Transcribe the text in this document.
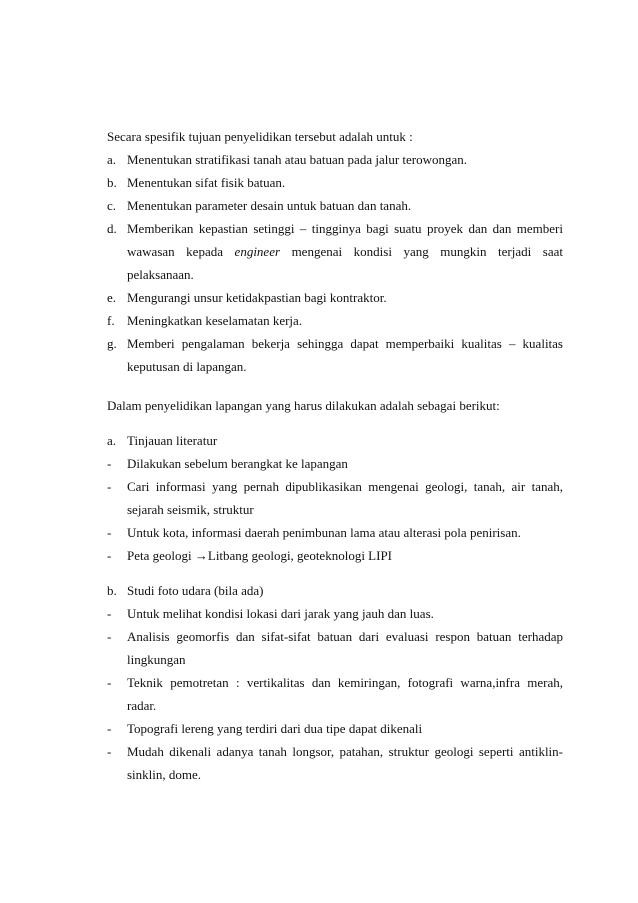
Secara spesifik tujuan penyelidikan tersebut adalah untuk :

a. Menentukan stratifikasi tanah atau batuan pada jalur terowongan.
b. Menentukan sifat fisik batuan.
c. Menentukan parameter desain untuk batuan dan tanah.
d. Memberikan kepastian setinggi – tingginya bagi suatu proyek dan dan memberi wawasan kepada engineer mengenai kondisi yang mungkin terjadi saat pelaksanaan.
e. Mengurangi unsur ketidakpastian bagi kontraktor.
f. Meningkatkan keselamatan kerja.
g. Memberi pengalaman bekerja sehingga dapat memperbaiki kualitas – kualitas keputusan di lapangan.

Dalam penyelidikan lapangan yang harus dilakukan adalah sebagai berikut:

a. Tinjauan literatur
-	Dilakukan sebelum berangkat ke lapangan
-	Cari informasi yang pernah dipublikasikan mengenai geologi, tanah, air tanah, sejarah seismik, struktur
-	Untuk kota, informasi daerah penimbunan lama atau alterasi pola penirisan.
-	Peta geologi →Litbang geologi, geoteknologi LIPI
b. Studi foto udara (bila ada)
-	Untuk melihat kondisi lokasi dari jarak yang jauh dan luas.
-	Analisis geomorfis dan sifat-sifat batuan dari evaluasi respon batuan terhadap lingkungan
-	Teknik pemotretan : vertikalitas dan kemiringan, fotografi warna,infra merah, radar.
-	Topografi lereng yang terdiri dari dua tipe dapat dikenali
-	Mudah dikenali adanya tanah longsor, patahan, struktur geologi seperti antiklin-sinklin, dome.
